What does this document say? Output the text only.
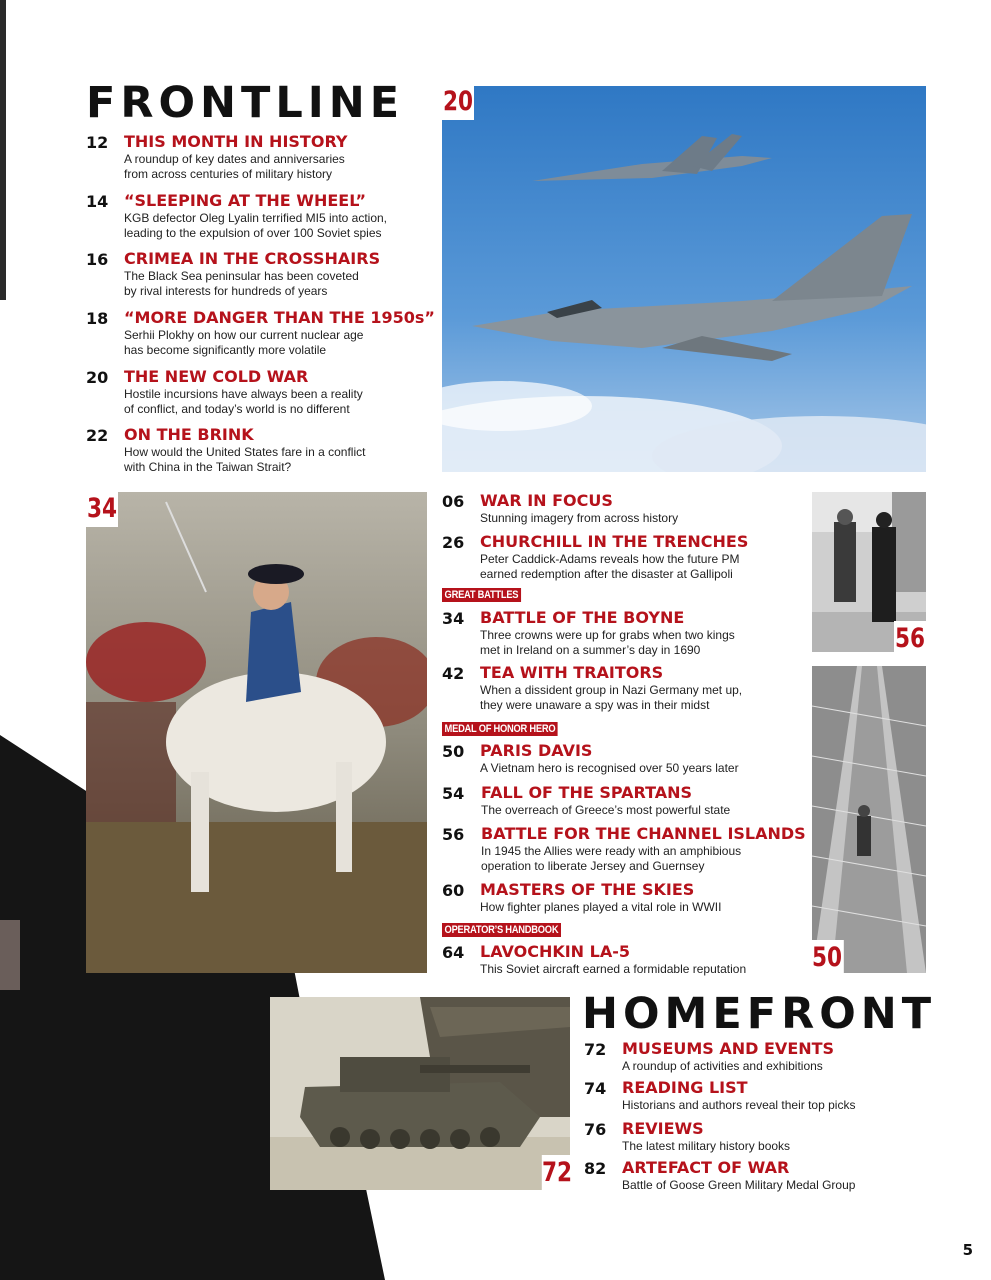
FRONTLINE
12 THIS MONTH IN HISTORY
A roundup of key dates and anniversaries
from across centuries of military history
14 “SLEEPING AT THE WHEEL”
KGB defector Oleg Lyalin terrified MI5 into action,
leading to the expulsion of over 100 Soviet spies
16 CRIMEA IN THE CROSSHAIRS
The Black Sea peninsular has been coveted
by rival interests for hundreds of years
18 “MORE DANGER THAN THE 1950s”
Serhii Plokhy on how our current nuclear age
has become significantly more volatile
20 THE NEW COLD WAR
Hostile incursions have always been a reality
of conflict, and today’s world is no different
22 ON THE BRINK
How would the United States fare in a conflict
with China in the Taiwan Strait?
20
34	06 WAR IN FOCUS
Stunning imagery from across history
26 CHURCHILL IN THE TRENCHES
Peter Caddick-Adams reveals how the future PM
earned redemption after the disaster at Gallipoli
34 BATTLE OF THE BOYNE
Three crowns were up for grabs when two kings
met in Ireland on a summer’s day in 1690
42 TEA WITH TRAITORS
When a dissident group in Nazi Germany met up,
they were unaware a spy was in their midst
50 PARIS DAVIS
A Vietnam hero is recognised over 50 years later
54 FALL OF THE SPARTANS
The overreach of Greece’s most powerful state
56 BATTLE FOR THE CHANNEL ISLANDS
In 1945 the Allies were ready with an amphibious
operation to liberate Jersey and Guernsey
60 MASTERS OF THE SKIES
How fighter planes played a vital role in WWII
64 LAVOCHKIN LA-5
This Soviet aircraft earned a formidable reputation
GREAT BATTLES
MEDAL OF HONOR HERO
OPERATOR’S HANDBOOK
56
50
72
HOMEFRONT
72 MUSEUMS AND EVENTS
A roundup of activities and exhibitions
74 READING LIST
Historians and authors reveal their top picks
76 REVIEWS
The latest military history books
82 ARTEFACT OF WAR
Battle of Goose Green Military Medal Group
5
